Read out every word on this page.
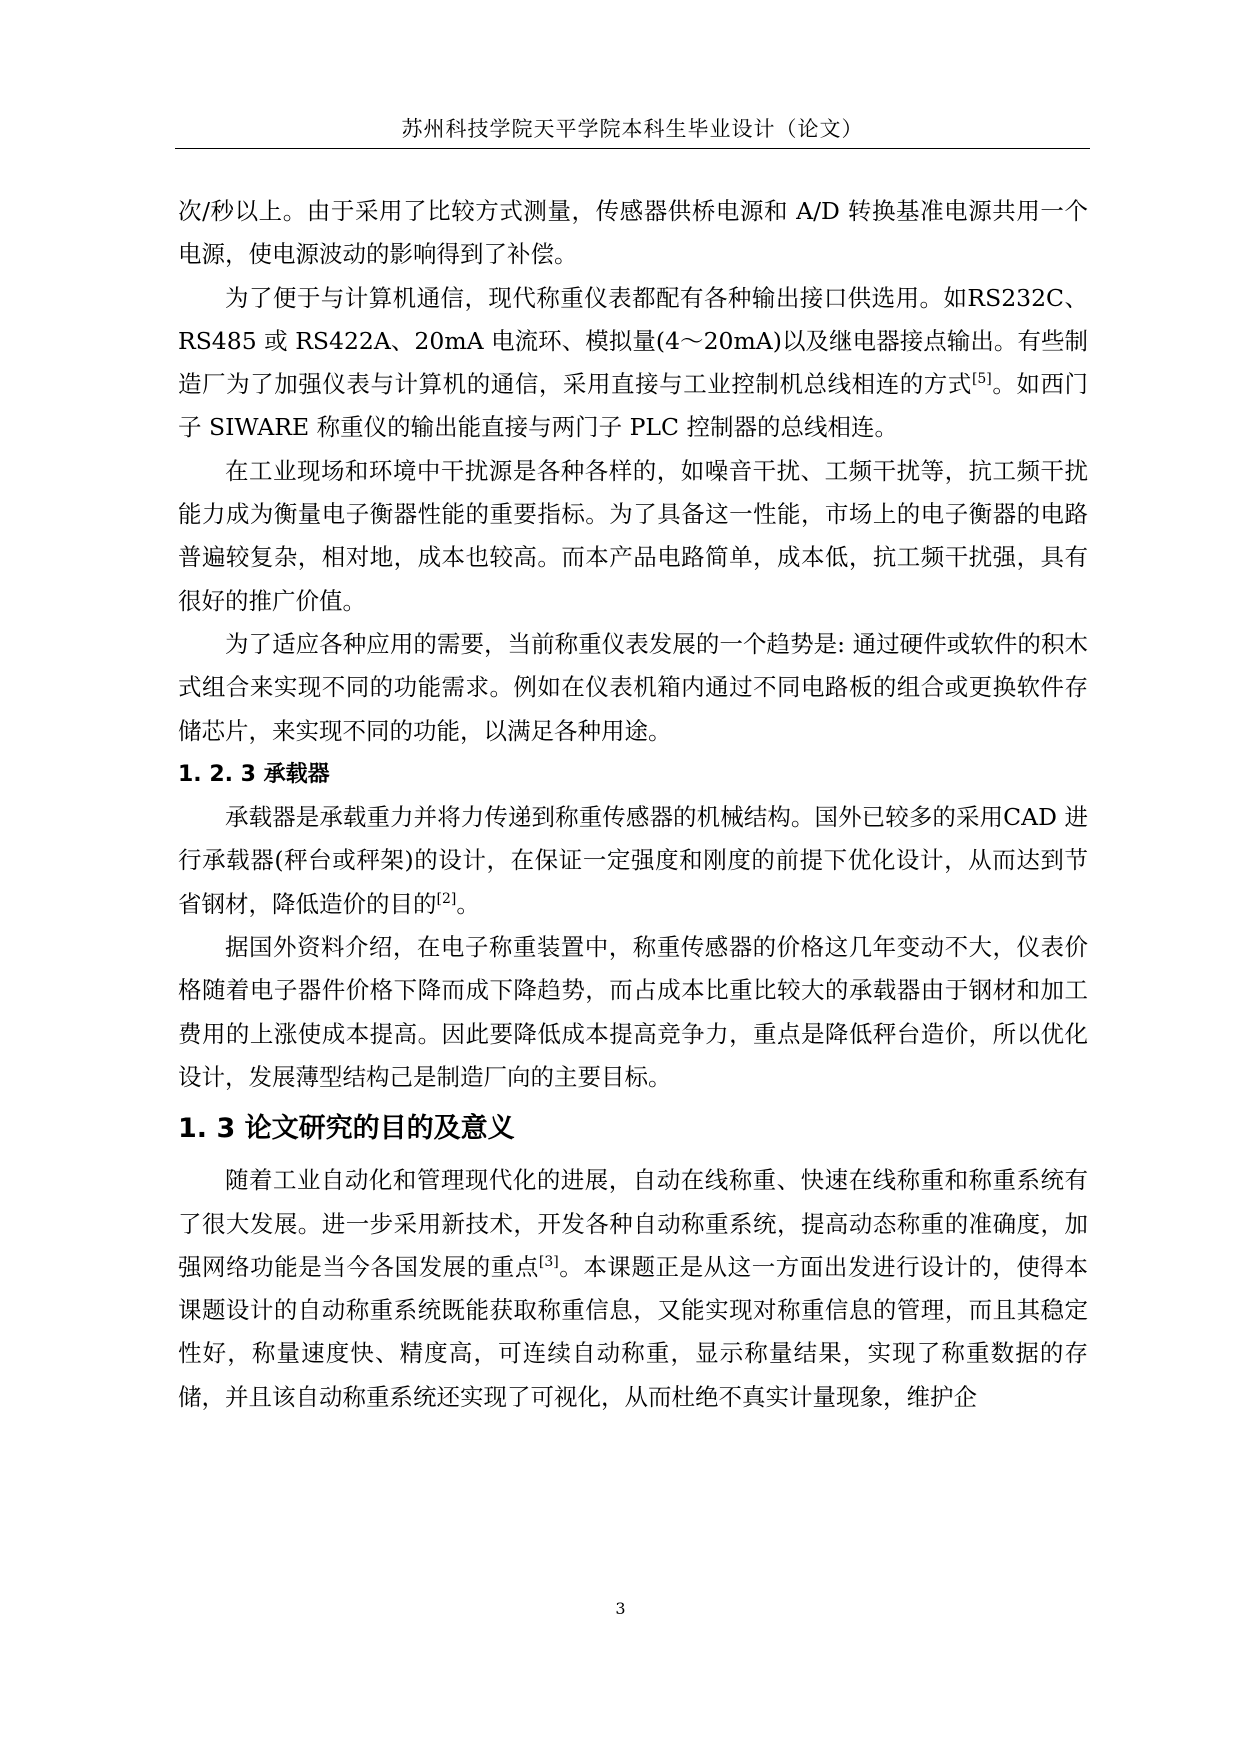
苏州科技学院天平学院本科生毕业设计（论文）

次/秒以上。由于采用了比较方式测量，传感器供桥电源和 A/D 转换基准电源共用一个电源，使电源波动的影响得到了补偿。

为了便于与计算机通信，现代称重仪表都配有各种输出接口供选用。如RS232C、RS485 或 RS422A、20mA 电流环、模拟量(4～20mA)以及继电器接点输出。有些制造厂为了加强仪表与计算机的通信，采用直接与工业控制机总线相连的方式[5]。如西门子 SIWARE 称重仪的输出能直接与两门子 PLC 控制器的总线相连。

在工业现场和环境中干扰源是各种各样的，如噪音干扰、工频干扰等，抗工频干扰能力成为衡量电子衡器性能的重要指标。为了具备这一性能，市场上的电子衡器的电路普遍较复杂，相对地，成本也较高。而本产品电路简单，成本低，抗工频干扰强，具有很好的推广价值。

为了适应各种应用的需要，当前称重仪表发展的一个趋势是: 通过硬件或软件的积木式组合来实现不同的功能需求。例如在仪表机箱内通过不同电路板的组合或更换软件存储芯片，来实现不同的功能，以满足各种用途。

1. 2. 3 承载器

承载器是承载重力并将力传递到称重传感器的机械结构。国外已较多的采用CAD 进行承载器(秤台或秤架)的设计，在保证一定强度和刚度的前提下优化设计，从而达到节省钢材，降低造价的目的[2]。

据国外资料介绍，在电子称重装置中，称重传感器的价格这几年变动不大，仪表价格随着电子器件价格下降而成下降趋势，而占成本比重比较大的承载器由于钢材和加工费用的上涨使成本提高。因此要降低成本提高竞争力，重点是降低秤台造价，所以优化设计，发展薄型结构己是制造厂向的主要目标。

1. 3 论文研究的目的及意义

随着工业自动化和管理现代化的进展，自动在线称重、快速在线称重和称重系统有了很大发展。进一步采用新技术，开发各种自动称重系统，提高动态称重的准确度，加强网络功能是当今各国发展的重点[3]。本课题正是从这一方面出发进行设计的，使得本课题设计的自动称重系统既能获取称重信息，又能实现对称重信息的管理，而且其稳定性好，称量速度快、精度高，可连续自动称重，显示称量结果，实现了称重数据的存储，并且该自动称重系统还实现了可视化，从而杜绝不真实计量现象，维护企

3
